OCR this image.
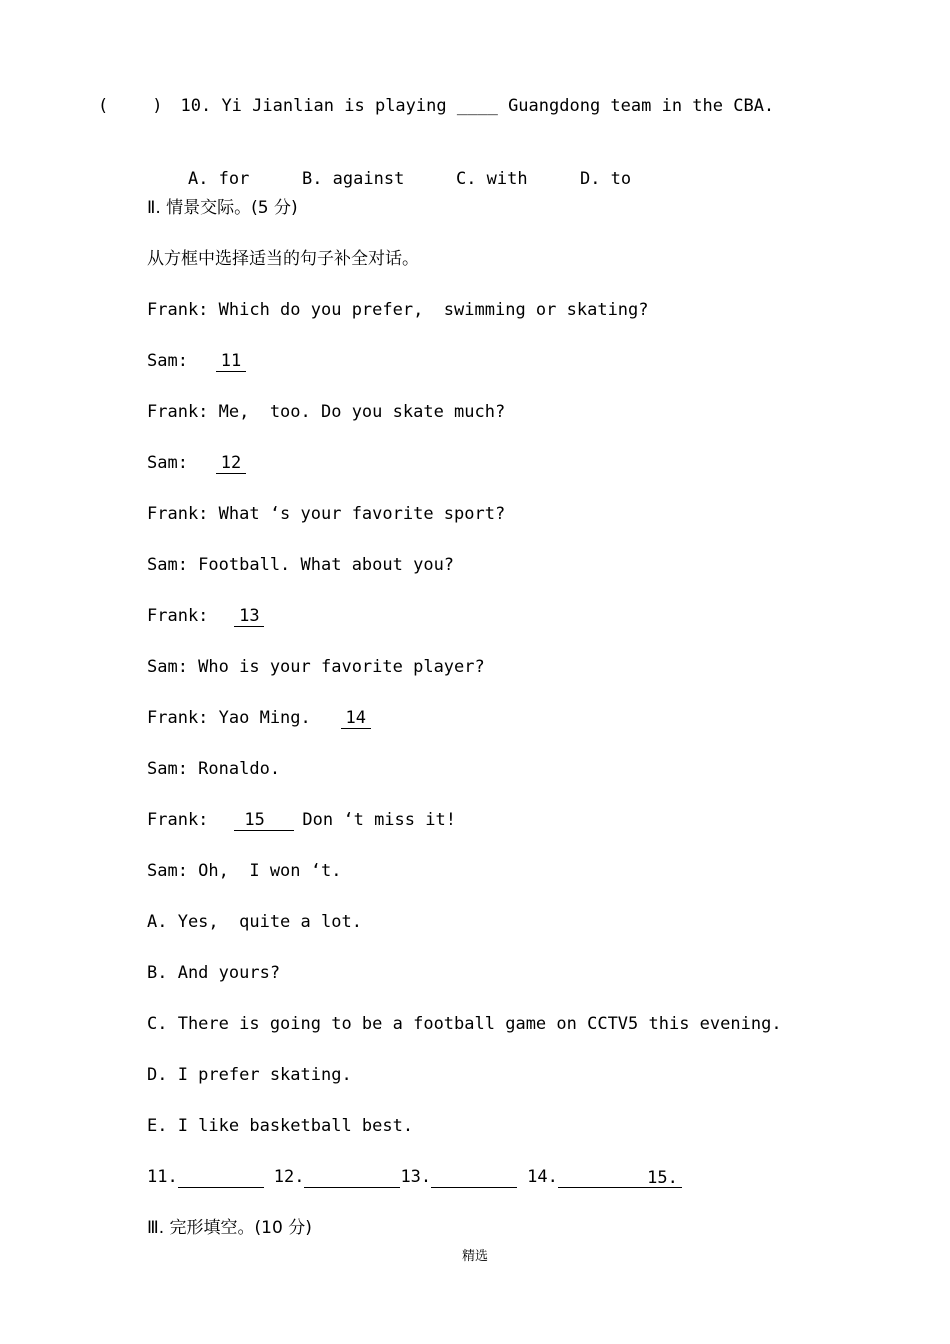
(	) 10. Yi Jianlian is playing ____ Guangdong team in the CBA.

A. for	B. against	C. with	D. to

Ⅱ. 情景交际。(5 分)
从方框中选择适当的句子补全对话。
Frank: Which do you prefer,  swimming or skating?
Sam: 11
Frank: Me,  too. Do you skate much?
Sam: 12
Frank: What ‘s your favorite sport?
Sam: Football. What about you?
Frank: 13
Sam: Who is your favorite player?
Frank: Yao Ming. 14
Sam: Ronaldo.
Frank: 15 Don ‘t miss it!
Sam: Oh,  I won ‘t.
A. Yes,  quite a lot.
B. And yours?
C. There is going to be a football game on CCTV5 this evening.
D. I prefer skating.
E. I like basketball best.
11.	12.	13.	14.	15.
Ⅲ. 完形填空。(10 分)
精选
